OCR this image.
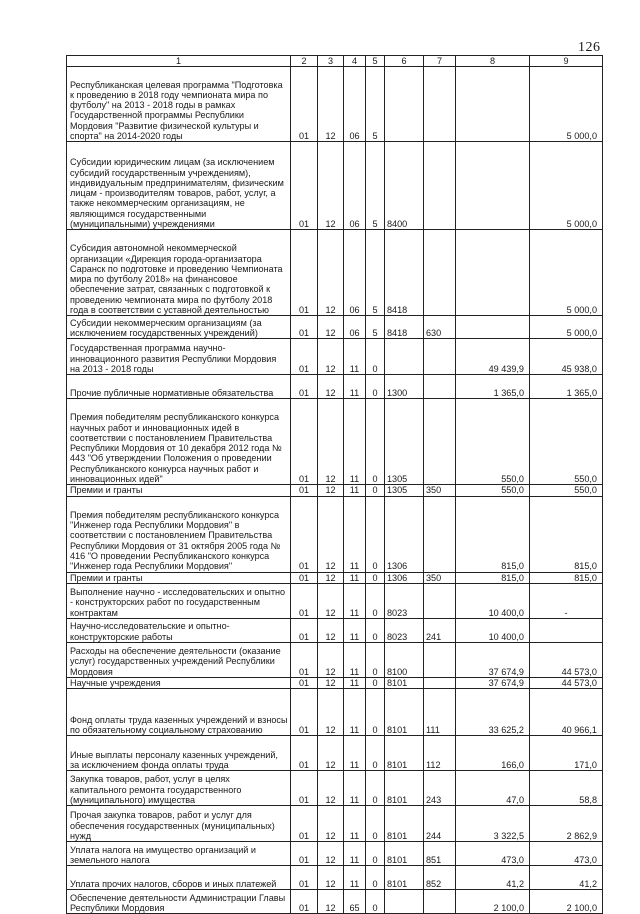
126
1	2	3	4	5	6	7	8	9
Республиканская целевая программа "Подготовка к проведению в 2018 году чемпионата мира по футболу" на 2013 - 2018 годы в рамках Государственной программы Республики Мордовия "Развитие физической культуры и спорта" на 2014-2020 годы	01	12	06	5				5 000,0
Субсидии юридическим лицам (за исключением субсидий государственным учреждениям), индивидуальным предпринимателям, физическим лицам - производителям товаров, работ, услуг, а также некоммерческим организациям, не являющимся государственными (муниципальными) учреждениями	01	12	06	5	8400			5 000,0
Субсидия автономной некоммерческой организации «Дирекция города-организатора Саранск по подготовке и проведению Чемпионата мира по футболу 2018» на финансовое обеспечение затрат, связанных с подготовкой к проведению чемпионата мира по футболу 2018 года в соответствии с уставной деятельностью	01	12	06	5	8418			5 000,0
Субсидии некоммерческим организациям (за исключением государственных учреждений)	01	12	06	5	8418	630		5 000,0
Государственная программа научно-инновационного развития Республики Мордовия на 2013 - 2018 годы	01	12	11	0			49 439,9	45 938,0
Прочие публичные нормативные обязательства	01	12	11	0	1300		1 365,0	1 365,0
Премия победителям республиканского конкурса научных работ и инновационных идей в соответствии с постановлением Правительства Республики Мордовия от 10 декабря 2012 года № 443 "Об утверждении Положения о проведении Республиканского конкурса научных работ и инновационных идей"	01	12	11	0	1305		550,0	550,0
Премии и гранты	01	12	11	0	1305	350	550,0	550,0
Премия победителям республиканского конкурса "Инженер года Республики Мордовия" в соответствии с постановлением Правительства Республики Мордовия от 31 октября 2005 года № 416 "О проведении Республиканского конкурса "Инженер года Республики Мордовия"	01	12	11	0	1306		815,0	815,0
Премии и гранты	01	12	11	0	1306	350	815,0	815,0
Выполнение научно - исследовательских и опытно - конструкторских работ по государственным контрактам	01	12	11	0	8023		10 400,0	-
Научно-исследовательские и опытно-конструкторские работы	01	12	11	0	8023	241	10 400,0	
Расходы на обеспечение деятельности (оказание услуг) государственных учреждений Республики Мордовия	01	12	11	0	8100		37 674,9	44 573,0
Научные учреждения	01	12	11	0	8101		37 674,9	44 573,0
Фонд оплаты труда казенных учреждений и взносы по обязательному социальному страхованию	01	12	11	0	8101	111	33 625,2	40 966,1
Иные выплаты персоналу казенных учреждений, за исключением фонда оплаты труда	01	12	11	0	8101	112	166,0	171,0
Закупка товаров, работ, услуг в целях капитального ремонта государственного (муниципального) имущества	01	12	11	0	8101	243	47,0	58,8
Прочая закупка товаров, работ и услуг для обеспечения государственных (муниципальных) нужд	01	12	11	0	8101	244	3 322,5	2 862,9
Уплата налога на имущество организаций и земельного налога	01	12	11	0	8101	851	473,0	473,0
Уплата прочих налогов, сборов и иных платежей	01	12	11	0	8101	852	41,2	41,2
Обеспечение деятельности Администрации Главы Республики Мордовия	01	12	65	0			2 100,0	2 100,0
